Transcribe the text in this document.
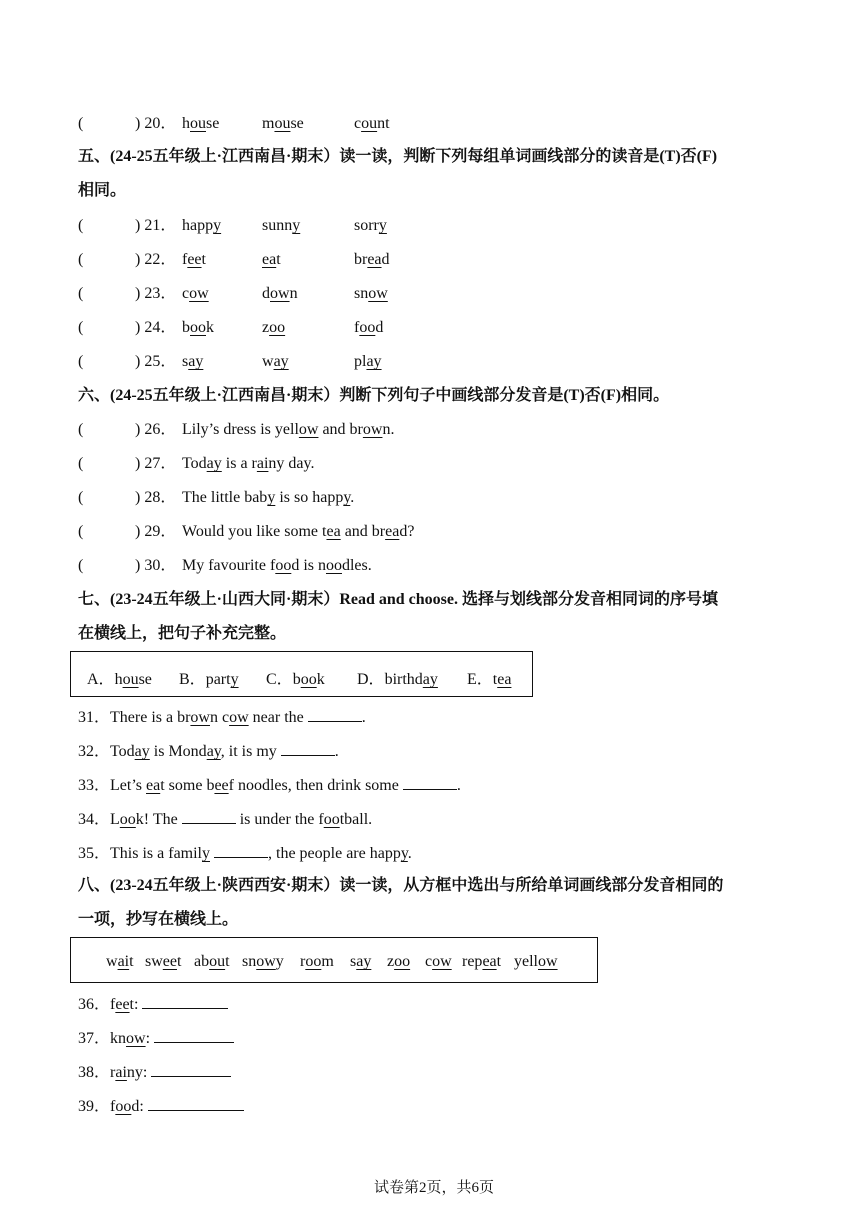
(	) 20． house	mouse	count
五、(24-25五年级上·江西南昌·期末）读一读，判断下列每组单词画线部分的读音是(T)否(F)
相同。
(	) 21． happy	sunny	sorry
(	) 22． feet	eat	bread
(	) 23． cow	down	snow
(	) 24． book	zoo	food
(	) 25． say	way	play
六、(24-25五年级上·江西南昌·期末）判断下列句子中画线部分发音是(T)否(F)相同。
(	) 26． Lily’s dress is yellow and brown.
(	) 27． Today is a rainy day.
(	) 28． The little baby is so happy.
(	) 29． Would you like some tea and bread?
(	) 30． My favourite food is noodles.
七、(23-24五年级上·山西大同·期末）Read and choose. 选择与划线部分发音相同词的序号填
在横线上，把句子补充完整。
A．house B．party C．book D．birthday E．tea
31．There is a brown cow near the	.
32．Today is Monday, it is my	.
33．Let’s eat some beef noodles, then drink some	.
34．Look! The	is under the football.
35．This is a family	, the people are happy.
八、(23-24五年级上·陕西西安·期末）读一读，从方框中选出与所给单词画线部分发音相同的
一项，抄写在横线上。
wait sweet about snowy room say zoo cow repeat yellow
36．feet:
37．know:
38．rainy:
39．food:
试卷第2页，共6页
